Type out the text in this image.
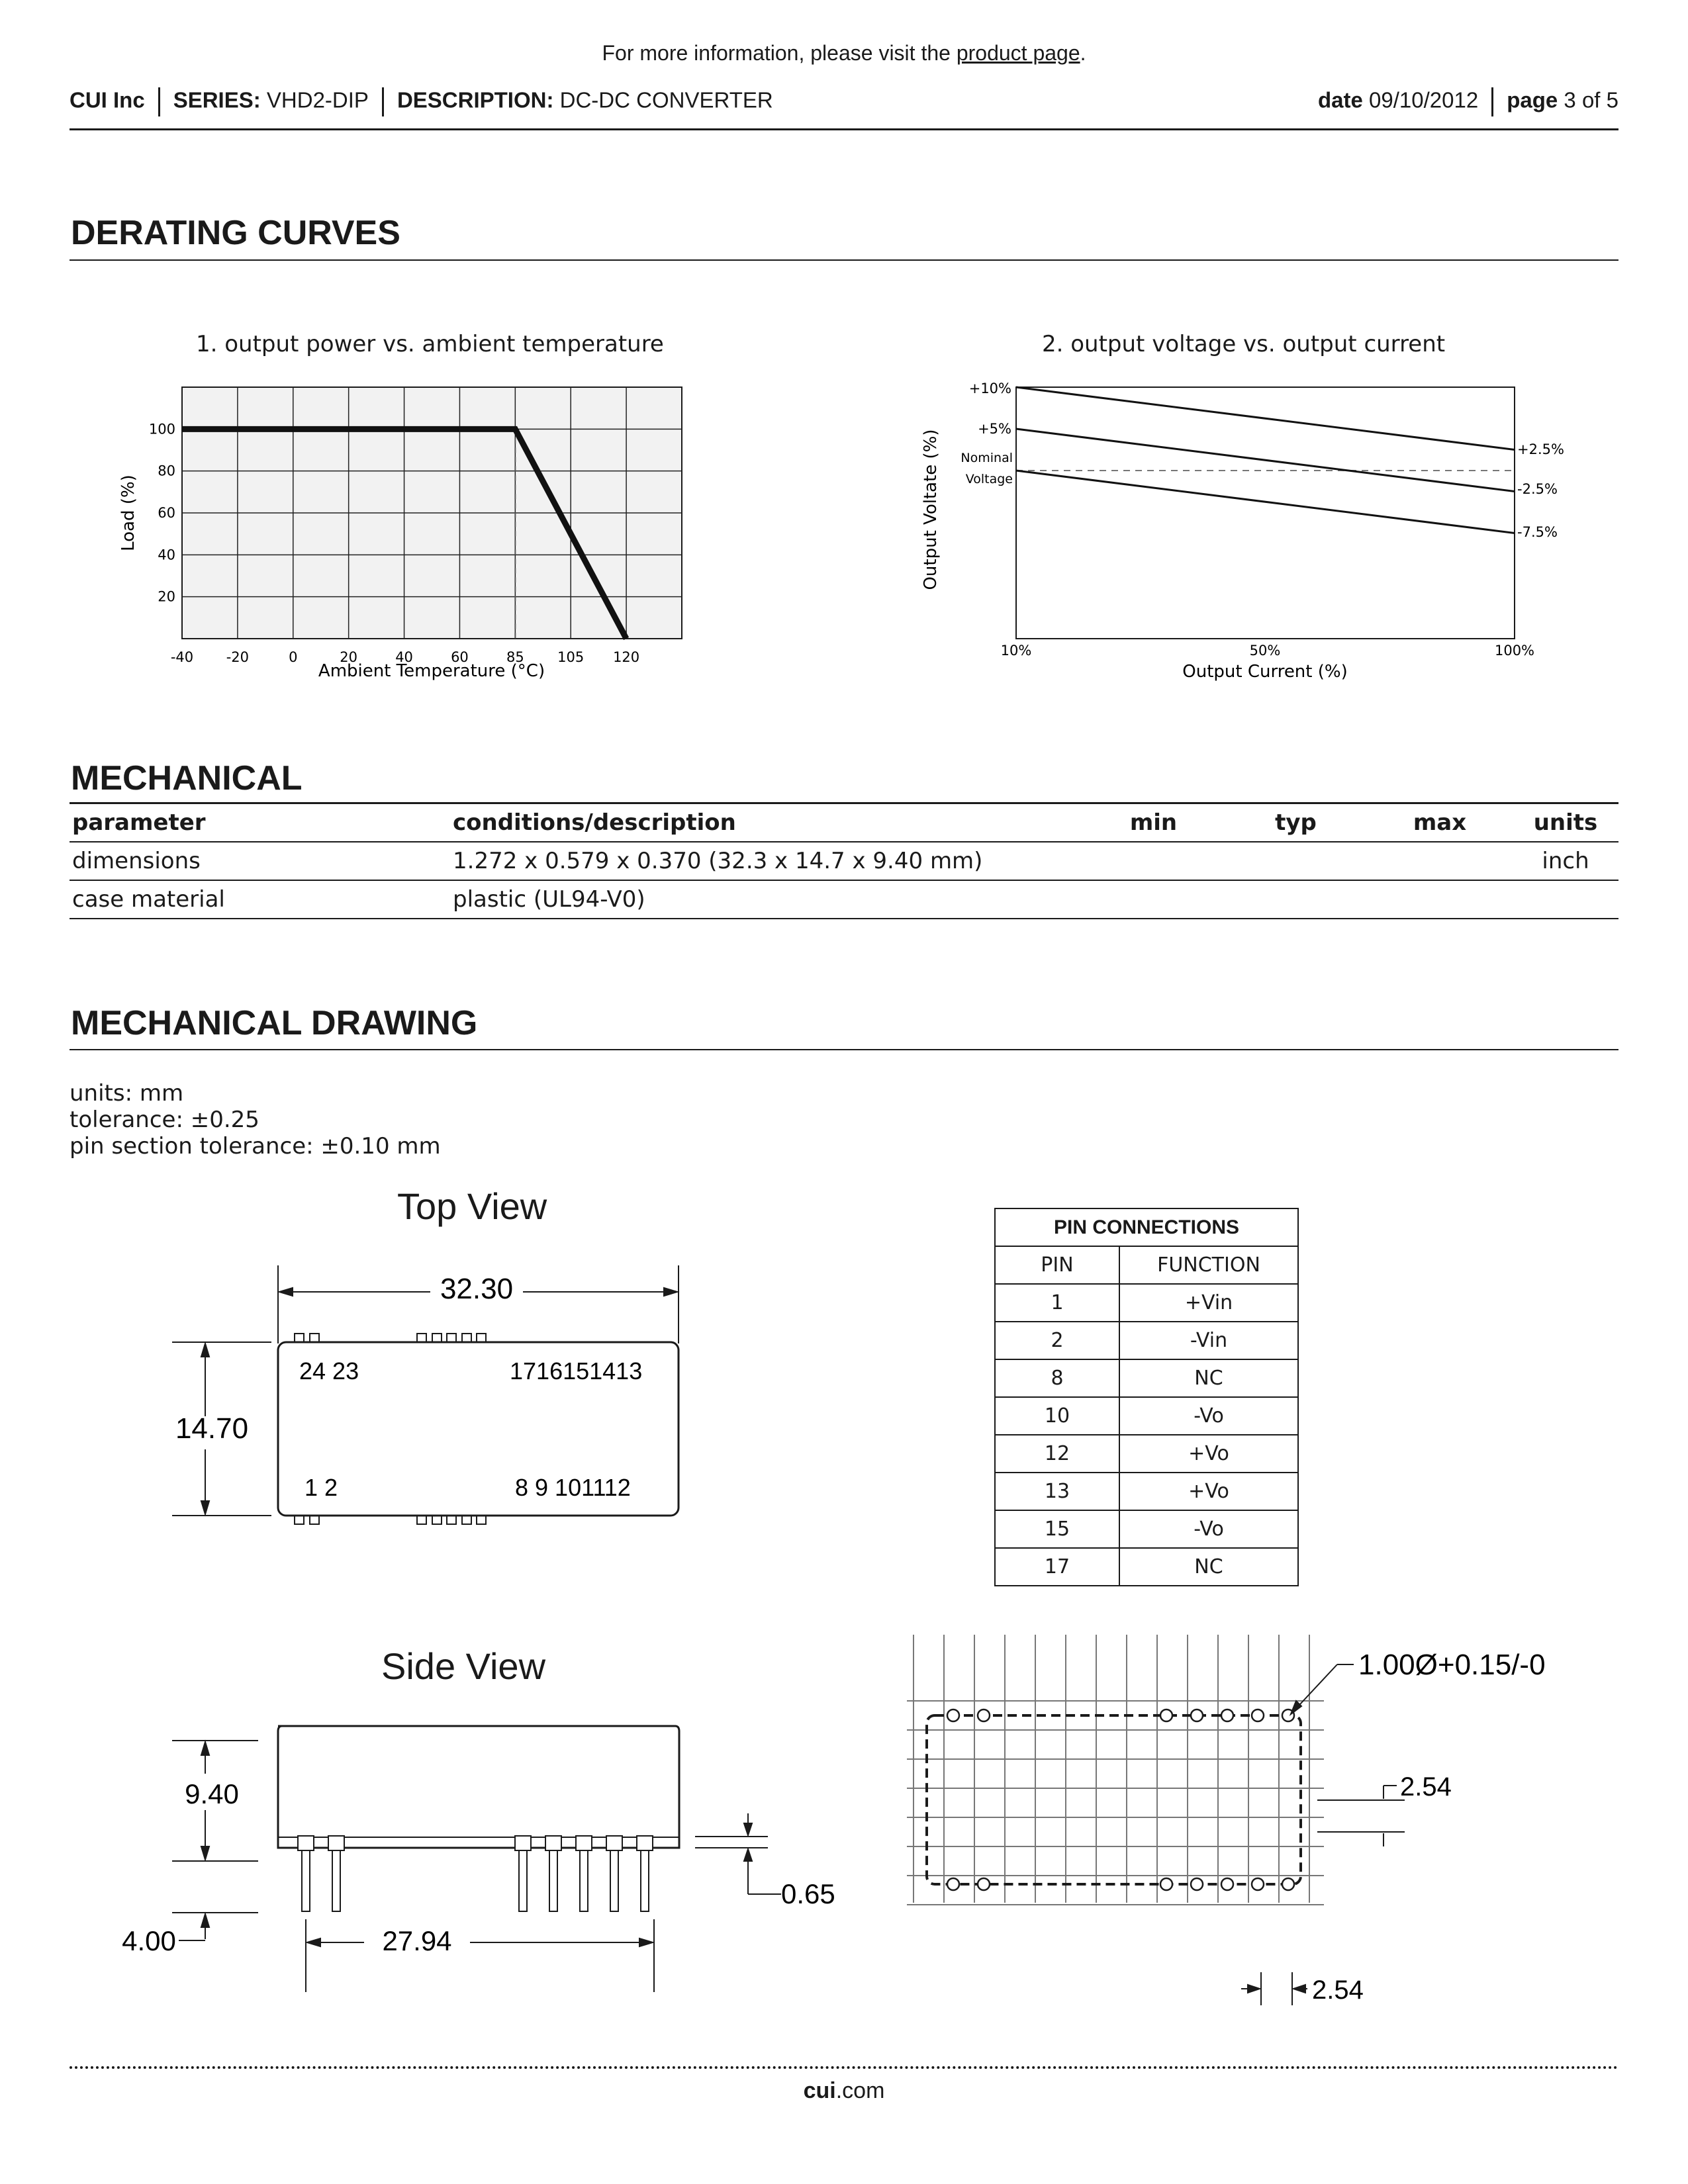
For more information, please visit the product page.
CUI Inc SERIES: VHD2-DIP DESCRIPTION: DC-DC CONVERTER	date 09/10/2012 page 3 of 5
DERATING CURVES
1. output power vs. ambient temperature	2. output voltage vs. output current
20
40
60
80
100
-40 -20	0	20	40	60	85 105 120
Ambient Temperature (°C)
Load (%)
+10%
+5%
Nominal
Voltage
+2.5%
-2.5%
-7.5%
10%	50%	100%
Output Current (%)
Output Voltate (%)
MECHANICAL
parameter	conditions/description	min	typ	max	units
dimensions	1.272 x 0.579 x 0.370 (32.3 x 14.7 x 9.40 mm)				inch
case material	plastic (UL94-V0)				
MECHANICAL DRAWING
units: mm
tolerance: ±0.25
pin section tolerance: ±0.10 mm
Top View
Side View
32.30
14.70
24 23	1716151413
1 2	8 9 101112
PIN CONNECTIONS	
PIN	FUNCTION
1	+Vin
2	-Vin
8	NC
10	-Vo
12	+Vo
13	+Vo
15	-Vo
17	NC
9.40
4.00	27.94
0.65
1.00Ø+0.15/-0
2.54
2.54
cui.com
